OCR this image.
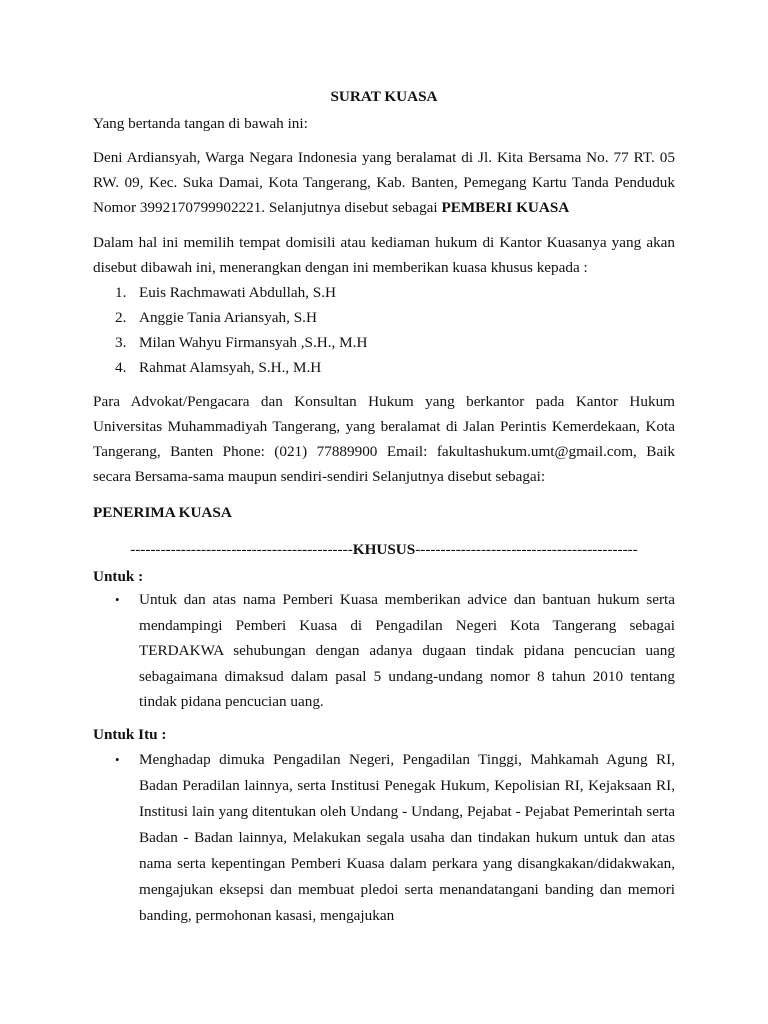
SURAT KUASA
Yang bertanda tangan di bawah ini:
Deni Ardiansyah, Warga Negara Indonesia yang beralamat di Jl. Kita Bersama No. 77 RT. 05
RW. 09, Kec. Suka Damai, Kota Tangerang, Kab. Banten, Pemegang Kartu Tanda Penduduk
Nomor 3992170799902221. Selanjutnya disebut sebagai PEMBERI KUASA
Dalam hal ini memilih tempat domisili atau kediaman hukum di Kantor Kuasanya yang akan
disebut dibawah ini, menerangkan dengan ini memberikan kuasa khusus kepada :
1. Euis Rachmawati Abdullah, S.H
2. Anggie Tania Ariansyah, S.H
3. Milan Wahyu Firmansyah ,S.H., M.H
4. Rahmat Alamsyah, S.H., M.H
Para Advokat/Pengacara dan Konsultan Hukum yang berkantor pada Kantor Hukum
Universitas Muhammadiyah Tangerang, yang beralamat di Jalan Perintis Kemerdekaan, Kota
Tangerang, Banten Phone: (021) 77889900 Email: fakultashukum.umt@gmail.com, Baik
secara Bersama-sama maupun sendiri-sendiri Selanjutnya disebut sebagai:
PENERIMA KUASA
--------------------------------------------KHUSUS--------------------------------------------
Untuk :
•	Untuk dan atas nama Pemberi Kuasa memberikan advice dan bantuan hukum serta mendampingi Pemberi Kuasa di Pengadilan Negeri Kota Tangerang sebagai TERDAKWA sehubungan dengan adanya dugaan tindak pidana pencucian uang sebagaimana dimaksud dalam pasal 5 undang-undang nomor 8 tahun 2010 tentang tindak pidana pencucian uang.
Untuk Itu :
•	Menghadap dimuka Pengadilan Negeri, Pengadilan Tinggi, Mahkamah Agung RI, Badan Peradilan lainnya, serta Institusi Penegak Hukum, Kepolisian RI, Kejaksaan RI, Institusi lain yang ditentukan oleh Undang - Undang, Pejabat - Pejabat Pemerintah serta Badan - Badan lainnya, Melakukan segala usaha dan tindakan hukum untuk dan atas nama serta kepentingan Pemberi Kuasa dalam perkara yang disangkakan/didakwakan, mengajukan eksepsi dan membuat pledoi serta menandatangani banding dan memori banding, permohonan kasasi, mengajukan
